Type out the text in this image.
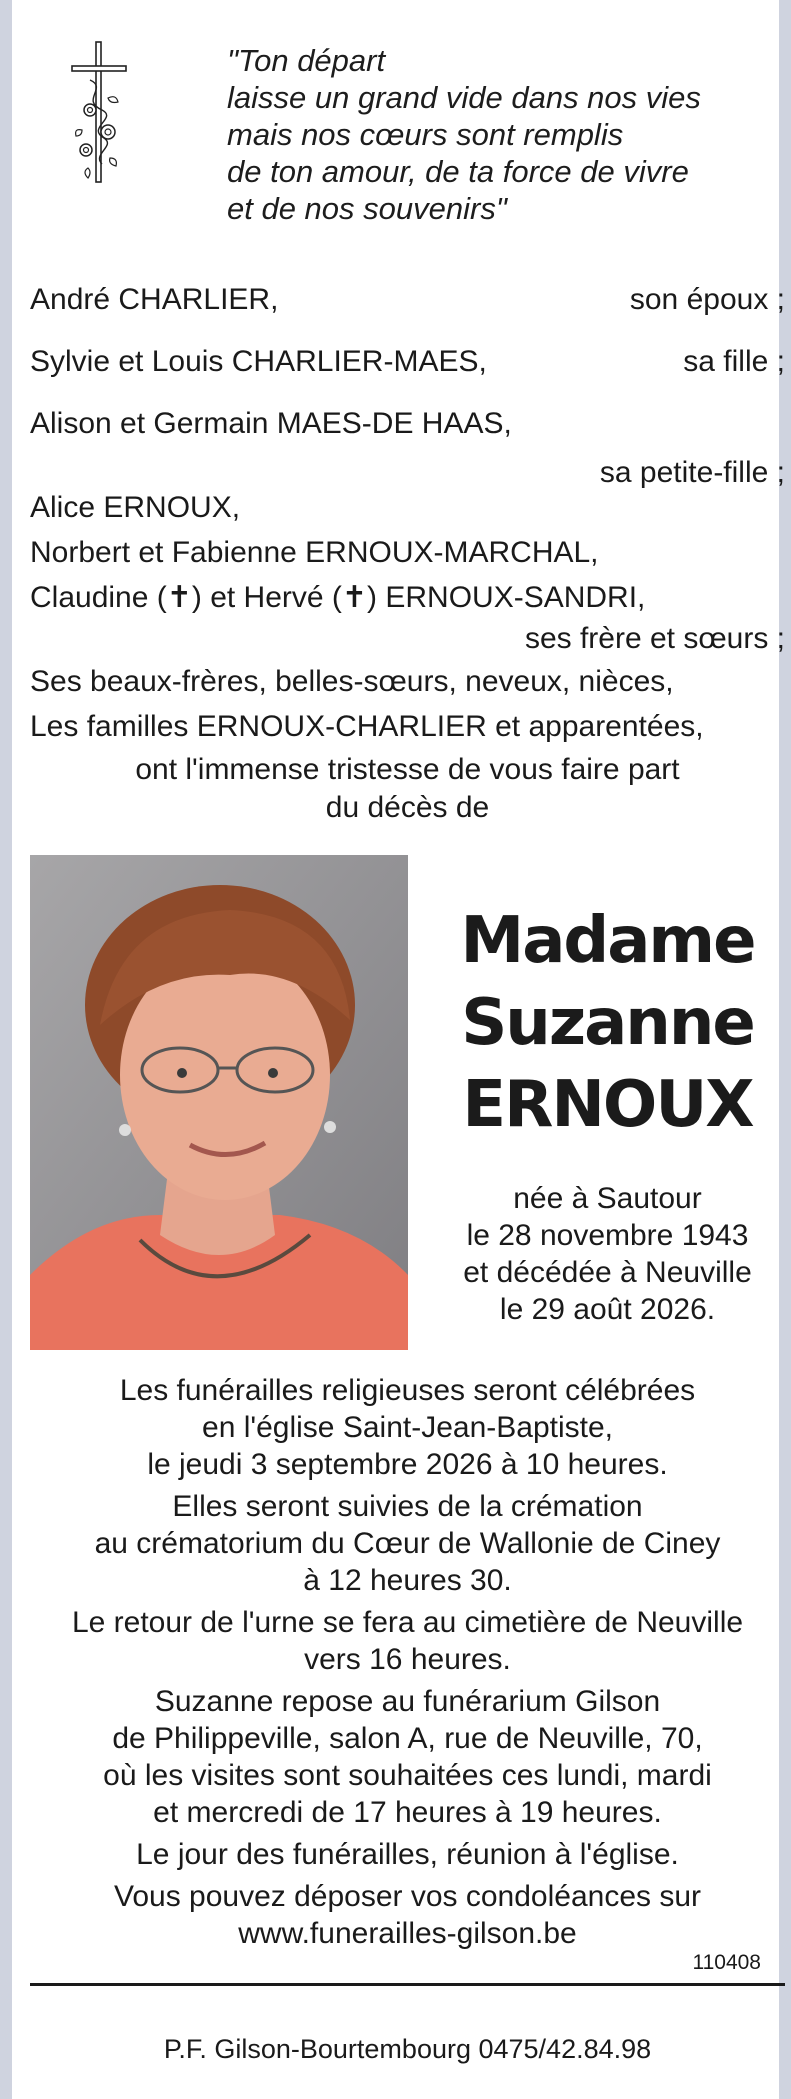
"Ton départ
laisse un grand vide dans nos vies
mais nos cœurs sont remplis
de ton amour, de ta force de vivre
et de nos souvenirs"
André CHARLIER,	son époux ;
Sylvie et Louis CHARLIER-MAES,	sa fille ;
Alison et Germain MAES-DE HAAS,
sa petite-fille ;
Alice ERNOUX,
Norbert et Fabienne ERNOUX-MARCHAL,
Claudine (✝) et Hervé (✝) ERNOUX-SANDRI,
ses frère et sœurs ;
Ses beaux-frères, belles-sœurs, neveux, nièces,
Les familles ERNOUX-CHARLIER et apparentées,
ont l'immense tristesse de vous faire part
du décès de
Madame
Suzanne
ERNOUX
née à Sautour
le 28 novembre 1943
et décédée à Neuville
le 29 août 2026.
Les funérailles religieuses seront célébrées
en l'église Saint-Jean-Baptiste,
le jeudi 3 septembre 2026 à 10 heures.
Elles seront suivies de la crémation
au crématorium du Cœur de Wallonie de Ciney
à 12 heures 30.
Le retour de l'urne se fera au cimetière de Neuville
vers 16 heures.
Suzanne repose au funérarium Gilson
de Philippeville, salon A, rue de Neuville, 70,
où les visites sont souhaitées ces lundi, mardi
et mercredi de 17 heures à 19 heures.
Le jour des funérailles, réunion à l'église.
Vous pouvez déposer vos condoléances sur
www.funerailles-gilson.be
110408
P.F. Gilson-Bourtembourg 0475/42.84.98
